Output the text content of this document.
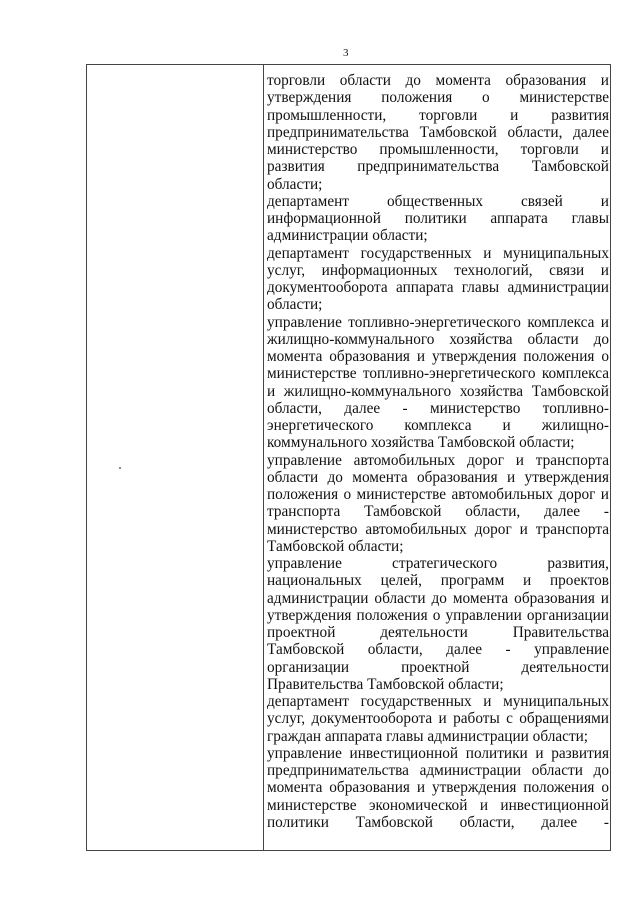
3
торговли области до момента образования и
утверждения положения о министерстве
промышленности, торговли и развития
предпринимательства Тамбовской области, далее
министерство промышленности, торговли и
развития предпринимательства Тамбовской
области;
департамент общественных связей и
информационной политики аппарата главы
администрации области;
департамент государственных и муниципальных
услуг, информационных технологий, связи и
документооборота аппарата главы администрации
области;
управление топливно-энергетического комплекса и
жилищно-коммунального хозяйства области до
момента образования и утверждения положения о
министерстве топливно-энергетического комплекса
и жилищно-коммунального хозяйства Тамбовской
области, далее - министерство топливно-
энергетического комплекса и жилищно-
коммунального хозяйства Тамбовской области;
управление автомобильных дорог и транспорта
области до момента образования и утверждения
положения о министерстве автомобильных дорог и
транспорта Тамбовской области, далее -
министерство автомобильных дорог и транспорта
Тамбовской области;
управление стратегического развития,
национальных целей, программ и проектов
администрации области до момента образования и
утверждения положения о управлении организации
проектной деятельности Правительства
Тамбовской области, далее - управление
организации проектной деятельности
Правительства Тамбовской области;
департамент государственных и муниципальных
услуг, документооборота и работы с обращениями
граждан аппарата главы администрации области;
управление инвестиционной политики и развития
предпринимательства администрации области до
момента образования и утверждения положения о
министерстве экономической и инвестиционной
политики Тамбовской области, далее -
